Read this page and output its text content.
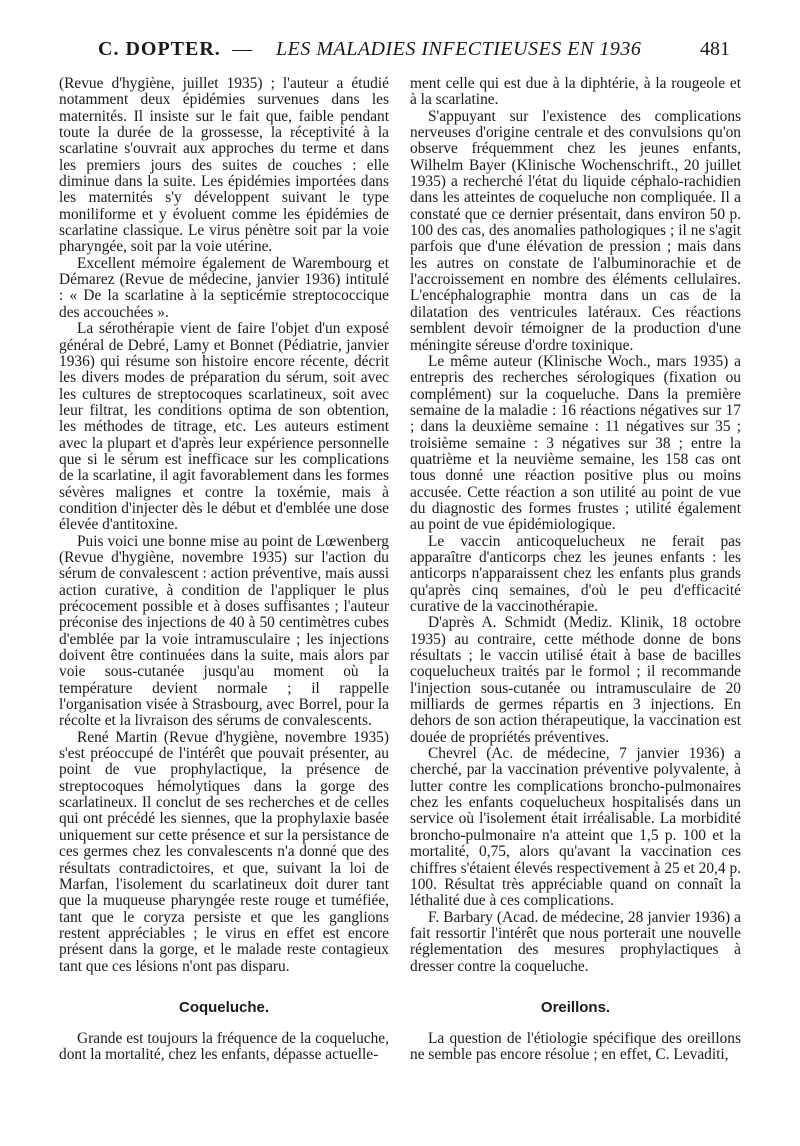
C. DOPTER. — LES MALADIES INFECTIEUSES EN 1936	481

(Revue d'hygiène, juillet 1935) ; l'auteur a étudié notamment deux épidémies survenues dans les maternités. Il insiste sur le fait que, faible pendant toute la durée de la grossesse, la réceptivité à la scarlatine s'ouvrait aux approches du terme et dans les premiers jours des suites de couches : elle diminue dans la suite. Les épidémies importées dans les maternités s'y développent suivant le type moniliforme et y évoluent comme les épidémies de scarlatine classique. Le virus pénètre soit par la voie pharyngée, soit par la voie utérine.

Excellent mémoire également de Warembourg et Démarez (Revue de médecine, janvier 1936) intitulé : « De la scarlatine à la septicémie streptococcique des accouchées ».

La sérothérapie vient de faire l'objet d'un exposé général de Debré, Lamy et Bonnet (Pédiatrie, janvier 1936) qui résume son histoire encore récente, décrit les divers modes de préparation du sérum, soit avec les cultures de streptocoques scarlatineux, soit avec leur filtrat, les conditions optima de son obtention, les méthodes de titrage, etc. Les auteurs estiment avec la plupart et d'après leur expérience personnelle que si le sérum est inefficace sur les complications de la scarlatine, il agit favorablement dans les formes sévères malignes et contre la toxémie, mais à condition d'injecter dès le début et d'emblée une dose élevée d'antitoxine.

Puis voici une bonne mise au point de Lœwenberg (Revue d'hygiène, novembre 1935) sur l'action du sérum de convalescent : action préventive, mais aussi action curative, à condition de l'appliquer le plus précocement possible et à doses suffisantes ; l'auteur préconise des injections de 40 à 50 centimètres cubes d'emblée par la voie intramusculaire ; les injections doivent être continuées dans la suite, mais alors par voie sous-cutanée jusqu'au moment où la température devient normale ; il rappelle l'organisation visée à Strasbourg, avec Borrel, pour la récolte et la livraison des sérums de convalescents.

René Martin (Revue d'hygiène, novembre 1935) s'est préoccupé de l'intérêt que pouvait présenter, au point de vue prophylactique, la présence de streptocoques hémolytiques dans la gorge des scarlatineux. Il conclut de ses recherches et de celles qui ont précédé les siennes, que la prophylaxie basée uniquement sur cette présence et sur la persistance de ces germes chez les convalescents n'a donné que des résultats contradictoires, et que, suivant la loi de Marfan, l'isolement du scarlatineux doit durer tant que la muqueuse pharyngée reste rouge et tuméfiée, tant que le coryza persiste et que les ganglions restent appréciables ; le virus en effet est encore présent dans la gorge, et le malade reste contagieux tant que ces lésions n'ont pas disparu.

ment celle qui est due à la diphtérie, à la rougeole et à la scarlatine.

S'appuyant sur l'existence des complications nerveuses d'origine centrale et des convulsions qu'on observe fréquemment chez les jeunes enfants, Wilhelm Bayer (Klinische Wochenschrift., 20 juillet 1935) a recherché l'état du liquide céphalo-rachidien dans les atteintes de coqueluche non compliquée. Il a constaté que ce dernier présentait, dans environ 50 p. 100 des cas, des anomalies pathologiques ; il ne s'agit parfois que d'une élévation de pression ; mais dans les autres on constate de l'albuminorachie et de l'accroissement en nombre des éléments cellulaires. L'encéphalographie montra dans un cas de la dilatation des ventricules latéraux. Ces réactions semblent devoir témoigner de la production d'une méningite séreuse d'ordre toxinique.

Le même auteur (Klinische Woch., mars 1935) a entrepris des recherches sérologiques (fixation ou complément) sur la coqueluche. Dans la première semaine de la maladie : 16 réactions négatives sur 17 ; dans la deuxième semaine : 11 négatives sur 35 ; troisième semaine : 3 négatives sur 38 ; entre la quatrième et la neuvième semaine, les 158 cas ont tous donné une réaction positive plus ou moins accusée. Cette réaction a son utilité au point de vue du diagnostic des formes frustes ; utilité également au point de vue épidémiologique.

Le vaccin anticoquelucheux ne ferait pas apparaître d'anticorps chez les jeunes enfants : les anticorps n'apparaissent chez les enfants plus grands qu'après cinq semaines, d'où le peu d'efficacité curative de la vaccinothérapie.

D'après A. Schmidt (Mediz. Klinik, 18 octobre 1935) au contraire, cette méthode donne de bons résultats ; le vaccin utilisé était à base de bacilles coquelucheux traités par le formol ; il recommande l'injection sous-cutanée ou intramusculaire de 20 milliards de germes répartis en 3 injections. En dehors de son action thérapeutique, la vaccination est douée de propriétés préventives.

Chevrel (Ac. de médecine, 7 janvier 1936) a cherché, par la vaccination préventive polyvalente, à lutter contre les complications broncho-pulmonaires chez les enfants coquelucheux hospitalisés dans un service où l'isolement était irréalisable. La morbidité broncho-pulmonaire n'a atteint que 1,5 p. 100 et la mortalité, 0,75, alors qu'avant la vaccination ces chiffres s'étaient élevés respectivement à 25 et 20,4 p. 100. Résultat très appréciable quand on connaît la léthalité due à ces complications.

F. Barbary (Acad. de médecine, 28 janvier 1936) a fait ressortir l'intérêt que nous porterait une nouvelle réglementation des mesures prophylactiques à dresser contre la coqueluche.

Coqueluche.	Oreillons.

Grande est toujours la fréquence de la coqueluche, dont la mortalité, chez les enfants, dépasse actuelle-

La question de l'étiologie spécifique des oreillons ne semble pas encore résolue ; en effet, C. Levaditi,
